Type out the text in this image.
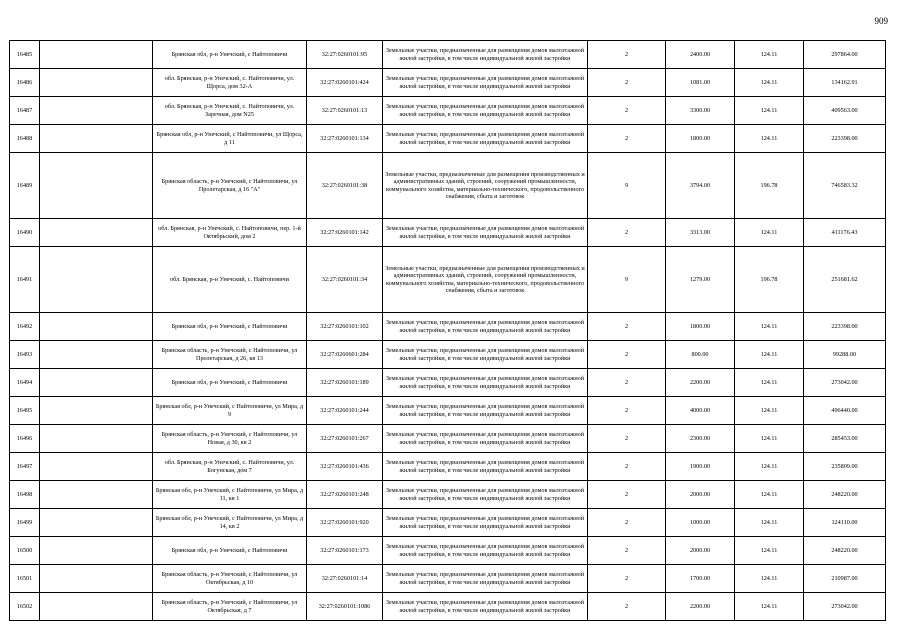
909
16485		Брянская обл, р-н Унечский, с Найтоповичи	32:27:0260101:95	Земельные участки, предназначенные для размещения домов малоэтажной жилой застройки, в том числе индивидуальной жилой застройки	2	2400.00	124.11	297864.00
16486		обл. Брянская, р-н Унечский, с. Найтоповичи, ул. Щорса, дом 32-А	32:27:0260101:424	Земельные участки, предназначенные для размещения домов малоэтажной жилой застройки, в том числе индивидуальной жилой застройки	2	1081.00	124.11	134162.91
16487		обл. Брянская, р-н Унечский, с. Найтоповичи, ул. Заречная, дом N25	32:27:0260101:13	Земельные участки, предназначенные для размещения домов малоэтажной жилой застройки, в том числе индивидуальной жилой застройки	2	3300.00	124.11	409563.00
16488		Брянская обл, р-н Унечский, с Найтоповичи, ул Щорса, д 11	32:27:0260101:134	Земельные участки, предназначенные для размещения домов малоэтажной жилой застройки, в том числе индивидуальной жилой застройки	2	1800.00	124.11	223398.00
16489		Брянская область, р-н Унечский, с Найтоповичи, ул Пролетарская, д 16 "А"	32:27:0260101:38	Земельные участки, предназначенные для размещения производственных и административных зданий, строений, сооружений промышленности, коммунального хозяйства, материально-технического, продовольственного снабжения, сбыта и заготовок	9	3794.00	196.78	746583.32
16490		обл. Брянская, р-н Унечский, с. Найтоповичи, пер. 1-й Октябрьский, дом 2	32:27:0260101:142	Земельные участки, предназначенные для размещения домов малоэтажной жилой застройки, в том числе индивидуальной жилой застройки	2	3313.00	124.11	411176.43
16491		обл. Брянская, р-н Унечский, с. Найтоповичи	32:27:0260101:34	Земельные участки, предназначенные для размещения производственных и административных зданий, строений, сооружений промышленности, коммунального хозяйства, материально-технического, продовольственного снабжения, сбыта и заготовок	9	1279.00	196.78	251681.62
16492		Брянская обл, р-н Унечский, с Найтоповичи	32:27:0260101:102	Земельные участки, предназначенные для размещения домов малоэтажной жилой застройки, в том числе индивидуальной жилой застройки	2	1800.00	124.11	223398.00
16493		Брянская область, р-н Унечский, с Найтоповичи, ул Пролетарская, д 26, кв 13	32:27:0260601:284	Земельные участки, предназначенные для размещения домов малоэтажной жилой застройки, в том числе индивидуальной жилой застройки	2	800.00	124.11	99288.00
16494		Брянская обл, р-н Унечский, с Найтоповичи	32:27:0260101:189	Земельные участки, предназначенные для размещения домов малоэтажной жилой застройки, в том числе индивидуальной жилой застройки	2	2200.00	124.11	273042.00
16495		Брянская обл, р-н Унечский, с Найтоповичи, ул Мира, д 9	32:27:0260101:244	Земельные участки, предназначенные для размещения домов малоэтажной жилой застройки, в том числе индивидуальной жилой застройки	2	4000.00	124.11	496440.00
16496		Брянская область, р-н Унечский, с Найтоповичи, ул Новая, д 30, кв 2	32:27:0260101:267	Земельные участки, предназначенные для размещения домов малоэтажной жилой застройки, в том числе индивидуальной жилой застройки	2	2300.00	124.11	285453.00
16497		обл. Брянская, р-н Унечский, с. Найтоповичи, ул. Богунская, дом 7	32:27:0260101:436	Земельные участки, предназначенные для размещения домов малоэтажной жилой застройки, в том числе индивидуальной жилой застройки	2	1900.00	124.11	235809.00
16498		Брянская обл, р-н Унечский, с Найтоповичи, ул Мира, д 11, кв 1	32:27:0260101:248	Земельные участки, предназначенные для размещения домов малоэтажной жилой застройки, в том числе индивидуальной жилой застройки	2	2000.00	124.11	248220.00
16499		Брянская обл, р-н Унечский, с Найтоповичи, ул Мира, д 14, кв 2	32:27:0260101:920	Земельные участки, предназначенные для размещения домов малоэтажной жилой застройки, в том числе индивидуальной жилой застройки	2	1000.00	124.11	124110.00
16500		Брянская обл, р-н Унечский, с Найтоповичи	32:27:0260101:173	Земельные участки, предназначенные для размещения домов малоэтажной жилой застройки, в том числе индивидуальной жилой застройки	2	2000.00	124.11	248220.00
16501		Брянская область, р-н Унечский, с Найтоповичи, ул Октябрьская, д 10	32:27:0260101:14	Земельные участки, предназначенные для размещения домов малоэтажной жилой застройки, в том числе индивидуальной жилой застройки	2	1700.00	124.11	210987.00
16502		Брянская область, р-н Унечский, с Найтоповичи, ул Октябрьская, д 7	32:27:0260101:1086	Земельные участки, предназначенные для размещения домов малоэтажной жилой застройки, в том числе индивидуальной жилой застройки	2	2200.00	124.11	273042.00
